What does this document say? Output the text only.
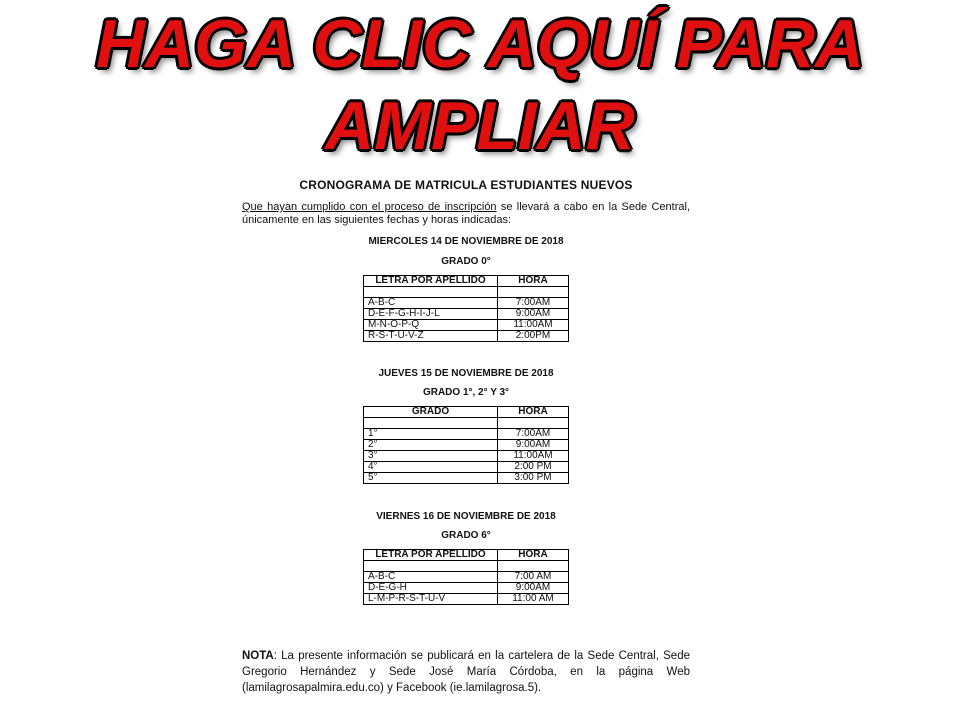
HAGA CLIC AQUÍ PARA
AMPLIAR
CRONOGRAMA DE MATRICULA ESTUDIANTES NUEVOS
Que hayan cumplido con el proceso de inscripción se llevará a cabo en la Sede Central, únicamente en las siguientes fechas y horas indicadas:
MIERCOLES 14 DE NOVIEMBRE DE 2018
GRADO 0°
LETRA POR APELLIDO	HORA

A-B-C	7:00AM
D-E-F-G-H-I-J-L	9:00AM
M-N-O-P-Q	11:00AM
R-S-T-U-V-Z	2:00PM
JUEVES 15 DE NOVIEMBRE DE 2018
GRADO 1°, 2° Y 3°
GRADO	HORA

1°	7:00AM
2°	9:00AM
3°	11:00AM
4°	2:00 PM
5°	3:00 PM
VIERNES 16 DE NOVIEMBRE DE 2018
GRADO 6°
LETRA POR APELLIDO	HORA

A-B-C	7:00 AM
D-E-G-H	9:00AM
L-M-P-R-S-T-U-V	11:00 AM
NOTA: La presente información se publicará en la cartelera de la Sede Central, Sede Gregorio Hernández y Sede José María Córdoba, en la página Web (lamilagrosapalmira.edu.co) y Facebook (ie.lamilagrosa.5).
